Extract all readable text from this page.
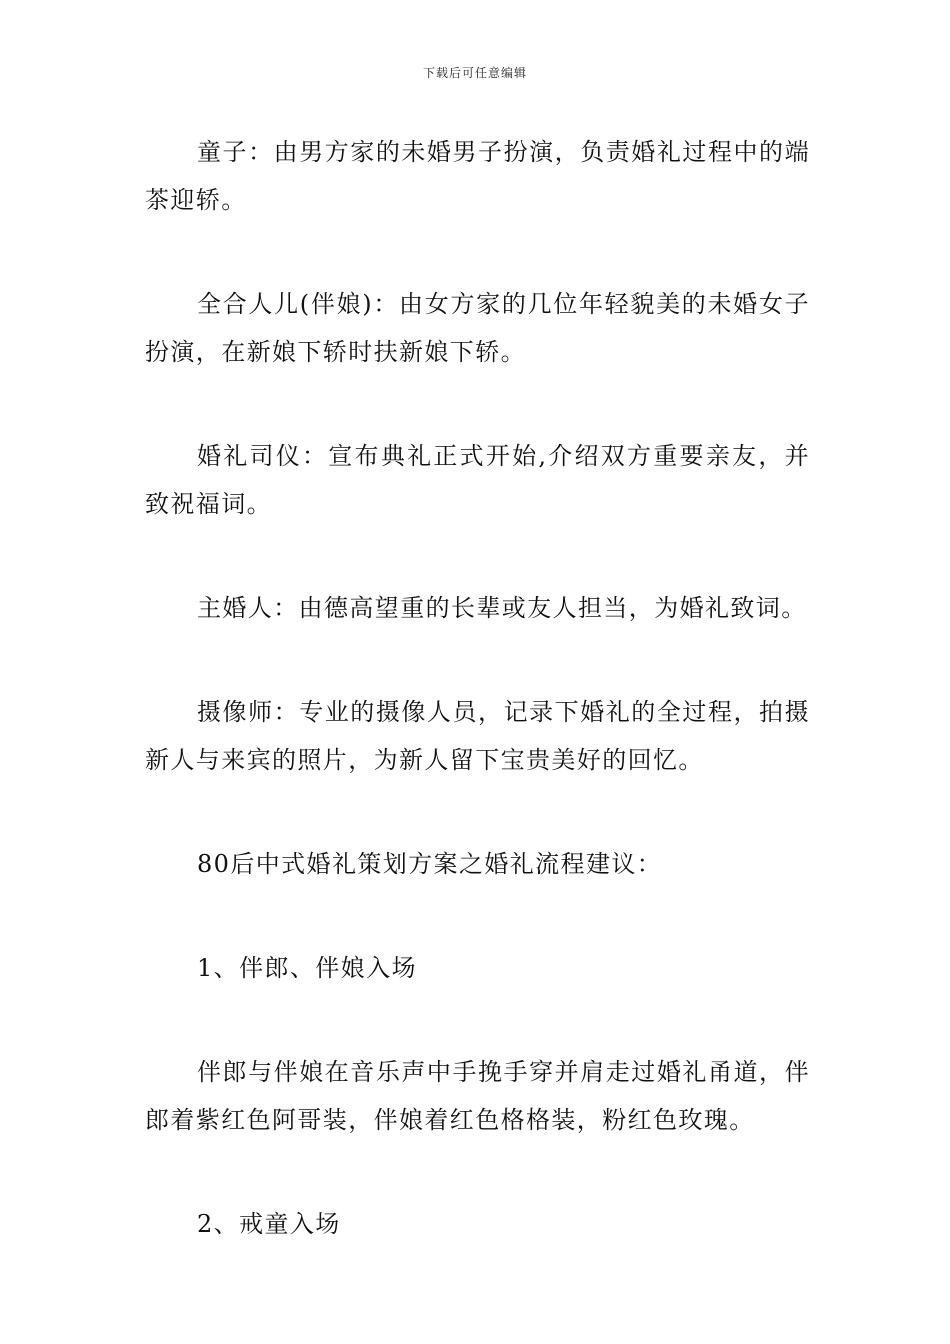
下载后可任意编辑

童子：由男方家的未婚男子扮演，负责婚礼过程中的端茶迎轿。

全合人儿(伴娘)：由女方家的几位年轻貌美的未婚女子扮演，在新娘下轿时扶新娘下轿。

婚礼司仪：宣布典礼正式开始,介绍双方重要亲友，并致祝福词。

主婚人：由德高望重的长辈或友人担当，为婚礼致词。

摄像师：专业的摄像人员，记录下婚礼的全过程，拍摄新人与来宾的照片，为新人留下宝贵美好的回忆。

80后中式婚礼策划方案之婚礼流程建议：

1、伴郎、伴娘入场

伴郎与伴娘在音乐声中手挽手穿并肩走过婚礼甬道，伴郎着紫红色阿哥装，伴娘着红色格格装，粉红色玫瑰。

2、戒童入场
